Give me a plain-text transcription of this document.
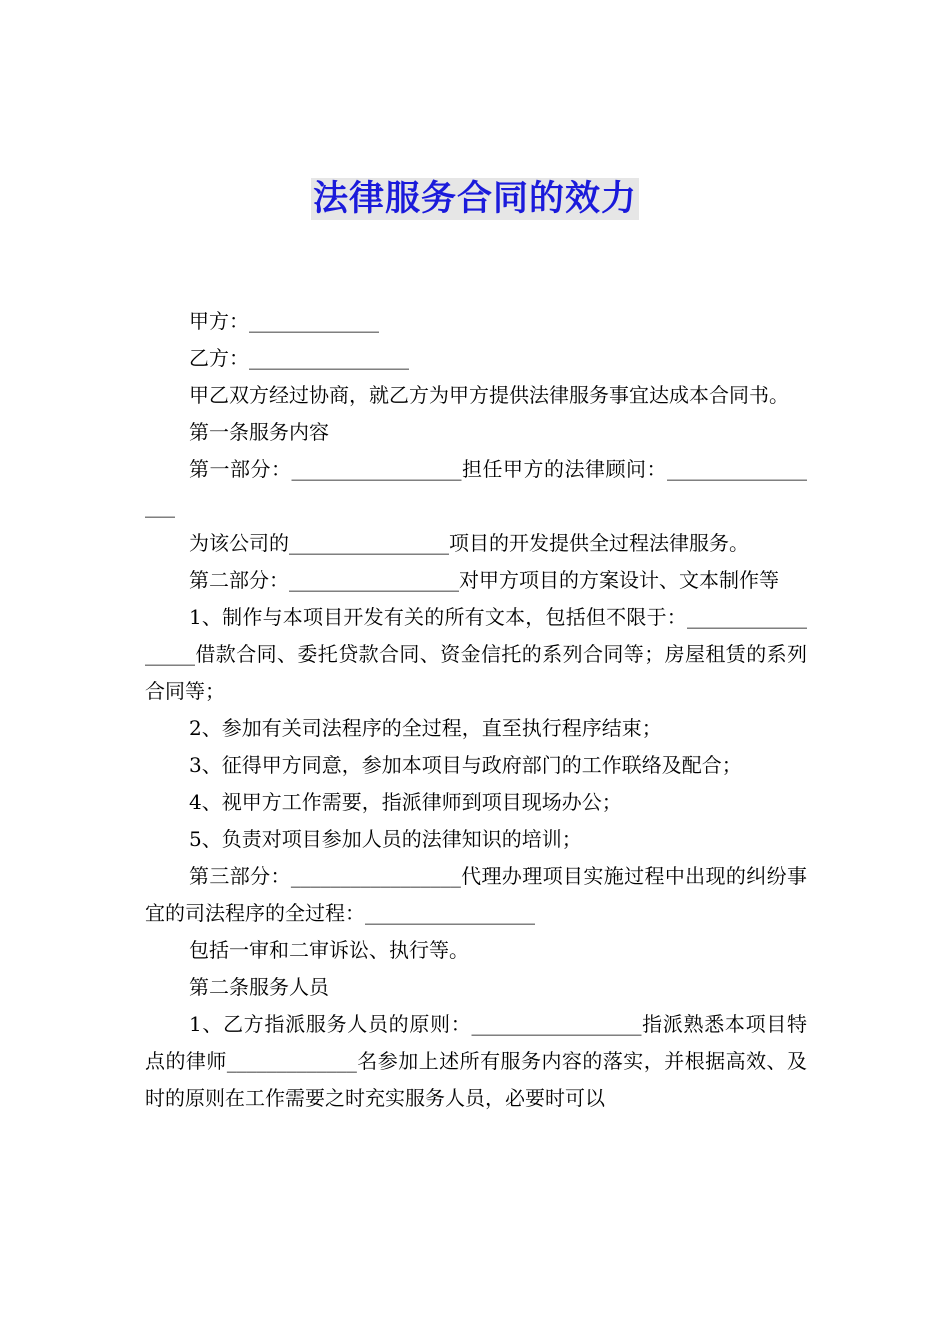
法律服务合同的效力

甲方：_____________

乙方：________________

甲乙双方经过协商，就乙方为甲方提供法律服务事宜达成本合同书。

第一条服务内容

第一部分：_________________担任甲方的法律顾问：_________________

为该公司的________________项目的开发提供全过程法律服务。

第二部分：_________________对甲方项目的方案设计、文本制作等

1、制作与本项目开发有关的所有文本，包括但不限于：_________________借款合同、委托贷款合同、资金信托的系列合同等；房屋租赁的系列合同等；

2、参加有关司法程序的全过程，直至执行程序结束；

3、征得甲方同意，参加本项目与政府部门的工作联络及配合；

4、视甲方工作需要，指派律师到项目现场办公；

5、负责对项目参加人员的法律知识的培训；

第三部分：_________________代理办理项目实施过程中出现的纠纷事宜的司法程序的全过程：_________________

包括一审和二审诉讼、执行等。

第二条服务人员

1、乙方指派服务人员的原则：_________________指派熟悉本项目特点的律师_____________名参加上述所有服务内容的落实，并根据高效、及时的原则在工作需要之时充实服务人员，必要时可以
